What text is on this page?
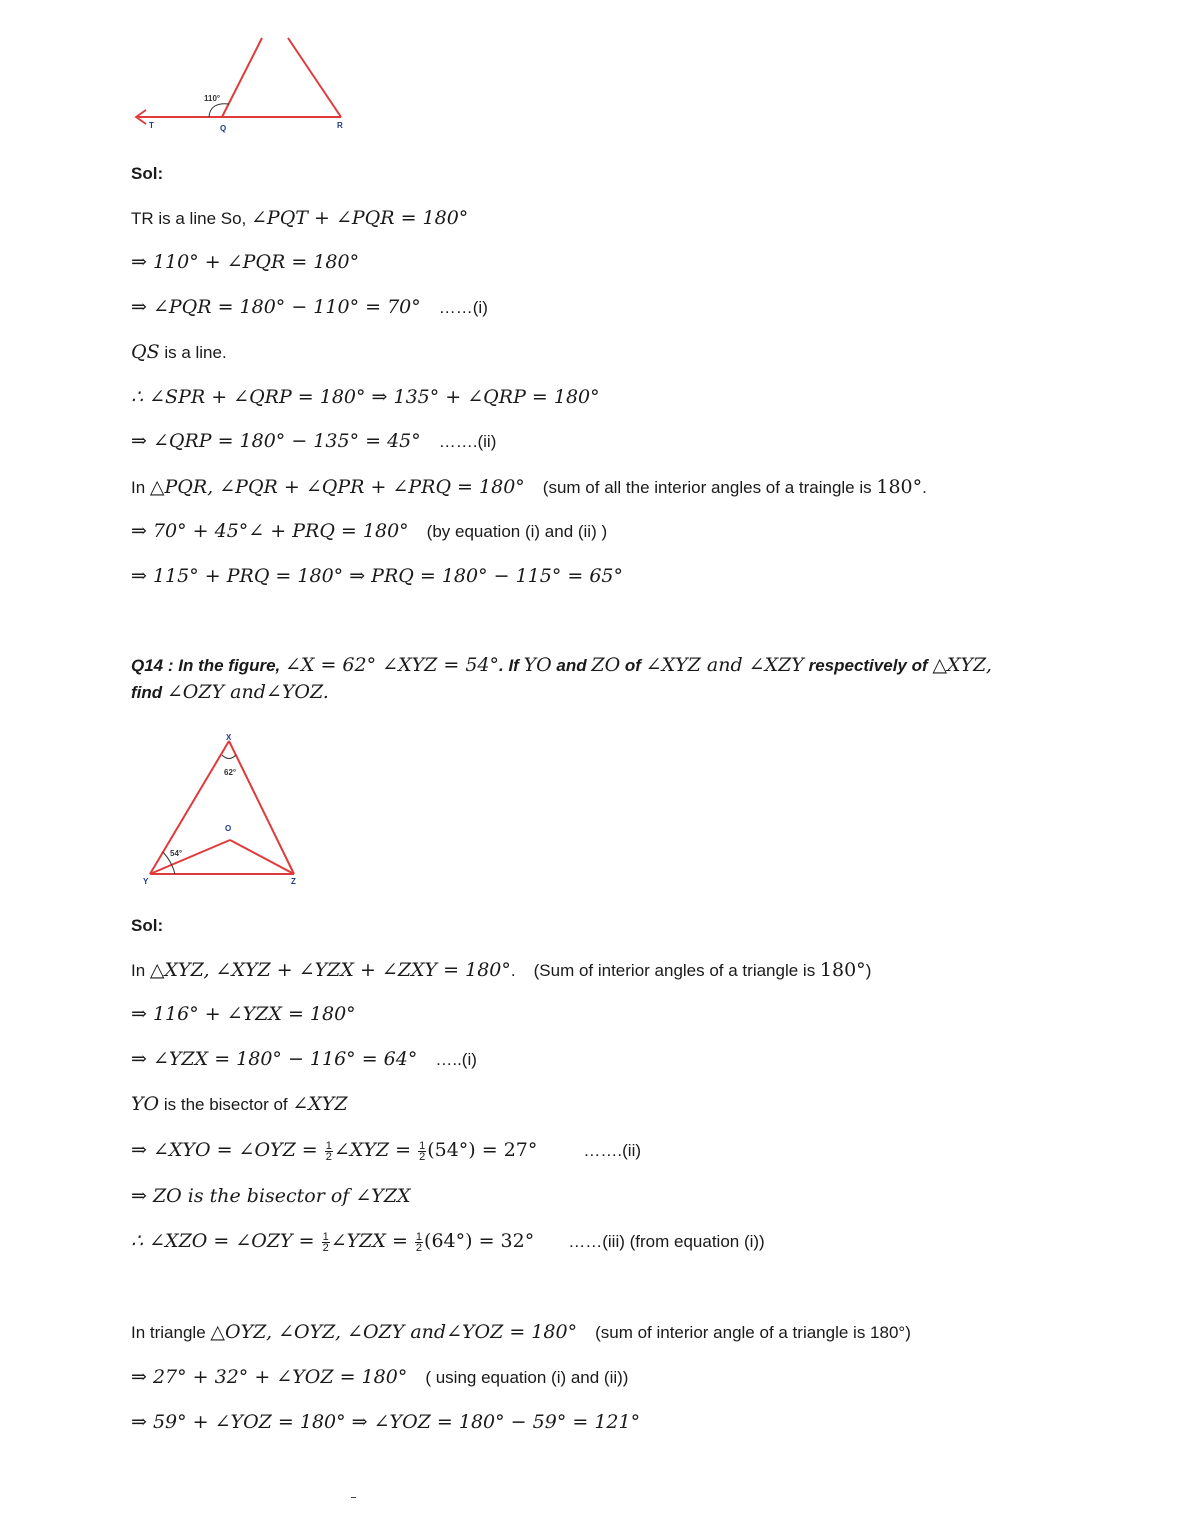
110°
T	Q	R
Sol:
TR is a line So, ∠PQT + ∠PQR = 180°
⇒ 110° + ∠PQR = 180°
⇒ ∠PQR = 180° − 110° = 70° ……(i)
QS is a line.
∴ ∠SPR + ∠QRP = 180° ⇒ 135° + ∠QRP = 180°
⇒ ∠QRP = 180° − 135° = 45° …….(ii)
In △PQR, ∠PQR + ∠QPR + ∠PRQ = 180° (sum of all the interior angles of a traingle is 180°.
⇒ 70° + 45°∠ + PRQ = 180° (by equation (i) and (ii) )
⇒ 115° + PRQ = 180° ⇒ PRQ = 180° − 115° = 65°
Q14 : In the figure, ∠X = 62° ∠XYZ = 54°. If YO and ZO of ∠XYZ and ∠XZY respectively of △XYZ,
find ∠OZY and∠YOZ.
62°
54°
X
O
Y	Z
Sol:
In △XYZ, ∠XYZ + ∠YZX + ∠ZXY = 180°. (Sum of interior angles of a triangle is 180°)
⇒ 116° + ∠YZX = 180°
⇒ ∠YZX = 180° − 116° = 64° …..(i)
YO is the bisector of ∠XYZ
⇒ ∠XYO = ∠OYZ = $\frac{1}{2}$ ∠XYZ = $\frac{1}{2} (54^\circ) = 27^\circ$	…….(ii)
⇒ ZO is the bisector of ∠YZX
∴ ∠XZO = ∠OZY = $\frac{1}{2}$ ∠YZX = $\frac{1}{2} (64^\circ) = 32^\circ$ ……(iii) (from equation (i))
In triangle △OYZ, ∠OYZ, ∠OZY and∠YOZ = 180° (sum of interior angle of a triangle is 180°)
⇒ 27° + 32° + ∠YOZ = 180° ( using equation (i) and (ii))
⇒ 59° + ∠YOZ = 180° ⇒ ∠YOZ = 180° − 59° = 121°
